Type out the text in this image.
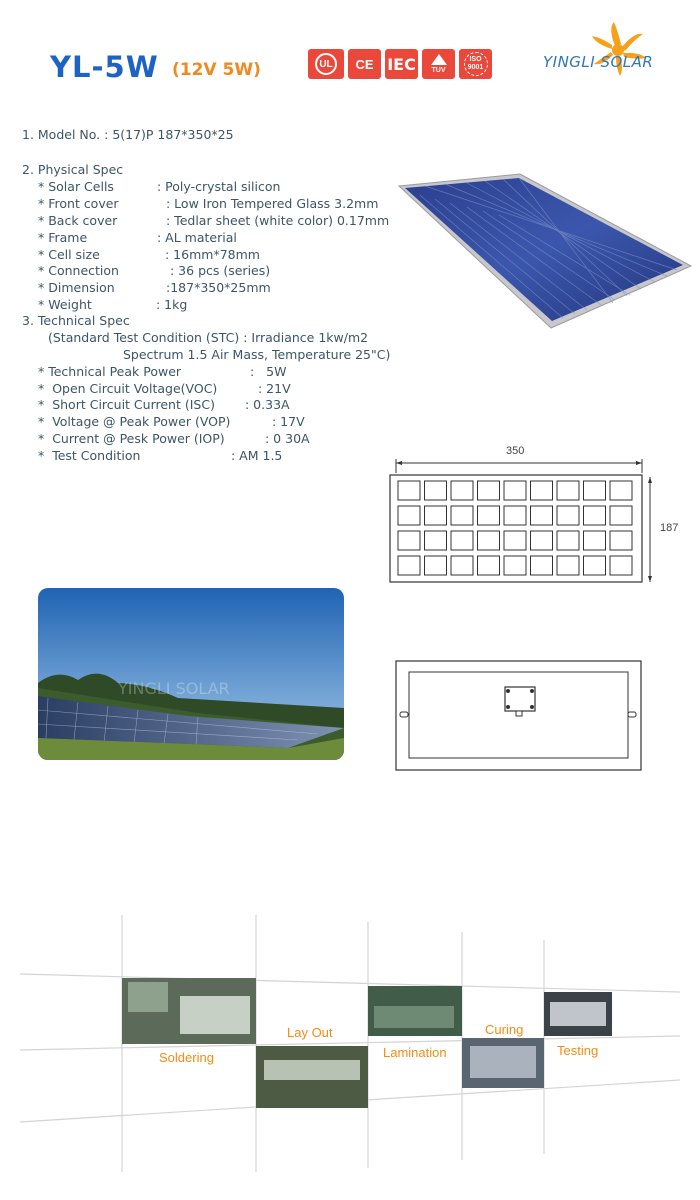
YL-5W (12V 5W)	UL	CE IEC	TUV
ISO 9001	YINGLI SOLAR
1. Model No. : 5(17)P 187*350*25
2. Physical Spec
* Solar Cells	: Poly-crystal silicon
* Front cover	: Low Iron Tempered Glass 3.2mm
* Back cover	: Tedlar sheet (white color) 0.17mm
* Frame	: AL material
* Cell size	: 16mm*78mm
* Connection	: 36 pcs (series)
* Dimension	:187*350*25mm
* Weight	: 1kg
3. Technical Spec
(Standard Test Condition (STC) : Irradiance 1kw/m2
Spectrum 1.5 Air Mass, Temperature 25"C)
* Technical Peak Power	:   5W
*  Open Circuit Voltage(VOC)	: 21V
*  Short Circuit Current (ISC) : 0.33A
*  Voltage @ Peak Power (VOP)	: 17V
*  Current @ Pesk Power (IOP)	: 0 30A
*  Test Condition	: AM 1.5	350
187
YINGLI SOLAR
Soldering
Lay Out
Lamination
Curing
Testing
